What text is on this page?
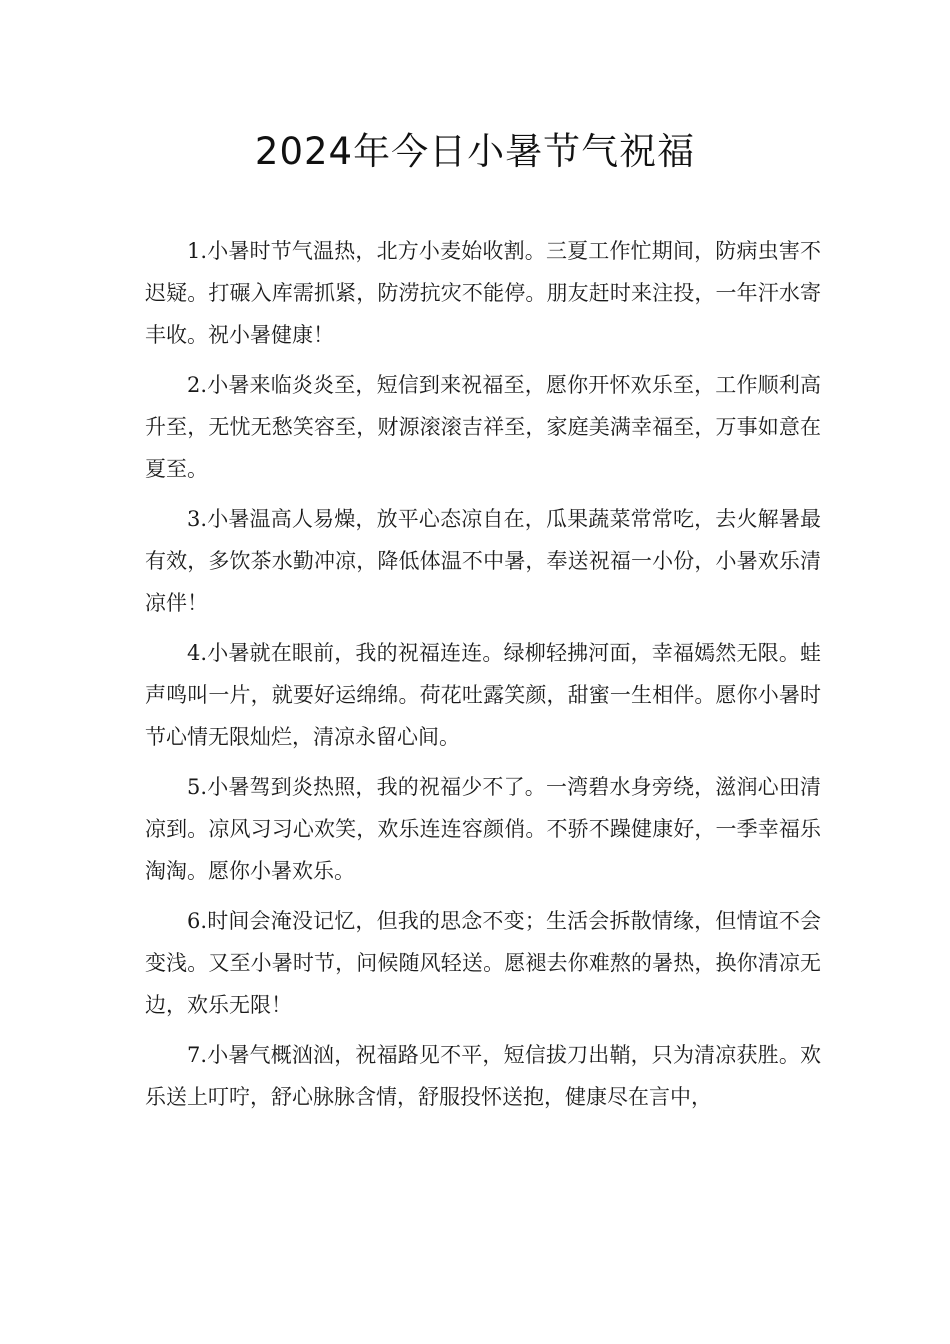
2024年今日小暑节气祝福

1.小暑时节气温热，北方小麦始收割。三夏工作忙期间，防病虫害不迟疑。打碾入库需抓紧，防涝抗灾不能停。朋友赶时来注投，一年汗水寄丰收。祝小暑健康！

2.小暑来临炎炎至，短信到来祝福至，愿你开怀欢乐至，工作顺利高升至，无忧无愁笑容至，财源滚滚吉祥至，家庭美满幸福至，万事如意在夏至。

3.小暑温高人易燥，放平心态凉自在，瓜果蔬菜常常吃，去火解暑最有效，多饮茶水勤冲凉，降低体温不中暑，奉送祝福一小份，小暑欢乐清凉伴！

4.小暑就在眼前，我的祝福连连。绿柳轻拂河面，幸福嫣然无限。蛙声鸣叫一片，就要好运绵绵。荷花吐露笑颜，甜蜜一生相伴。愿你小暑时节心情无限灿烂，清凉永留心间。

5.小暑驾到炎热照，我的祝福少不了。一湾碧水身旁绕，滋润心田清凉到。凉风习习心欢笑，欢乐连连容颜俏。不骄不躁健康好，一季幸福乐淘淘。愿你小暑欢乐。

6.时间会淹没记忆，但我的思念不变；生活会拆散情缘，但情谊不会变浅。又至小暑时节，问候随风轻送。愿褪去你难熬的暑热，换你清凉无边，欢乐无限！

7.小暑气概汹汹，祝福路见不平，短信拔刀出鞘，只为清凉获胜。欢乐送上叮咛，舒心脉脉含情，舒服投怀送抱，健康尽在言中，
